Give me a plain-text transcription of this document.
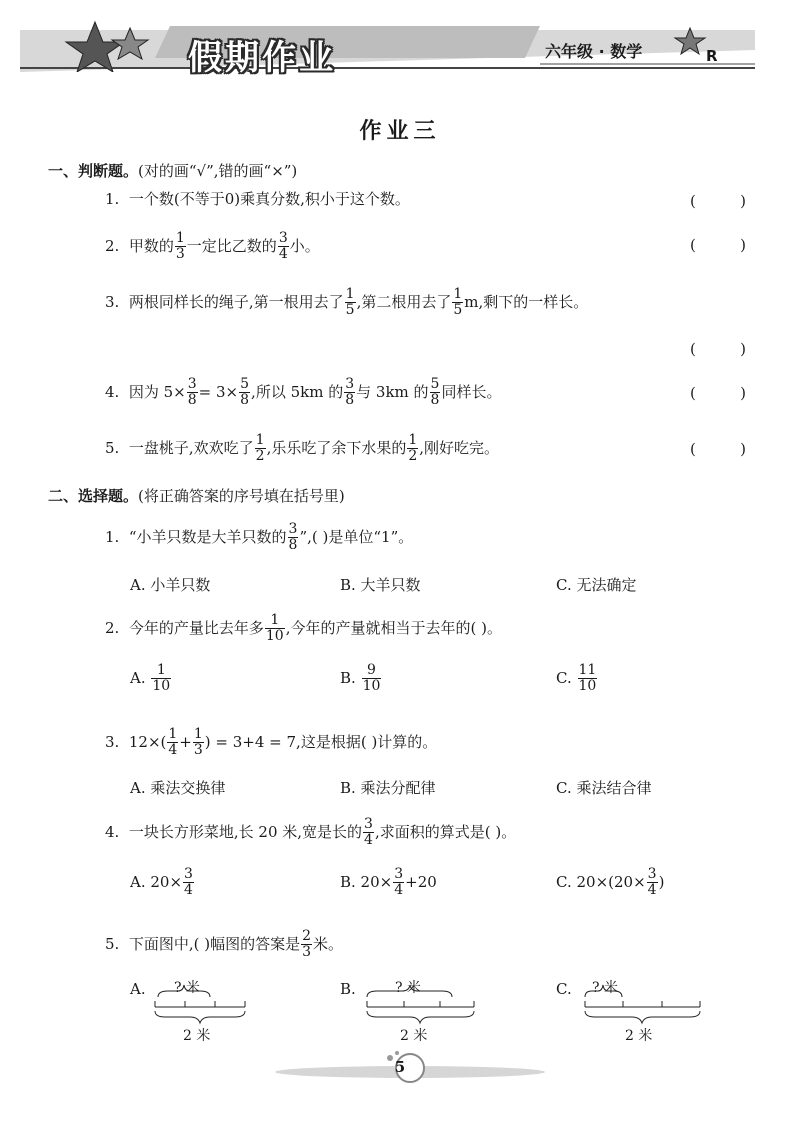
假期作业	六年级 · 数学	R
作业三
一、判断题。(对的画“√”,错的画“×”)
1. 一个数(不等于0)乘真分数,积小于这个数。	(	)
2. 甲数的 $\frac{1}{3}$ 一定比乙数的 $\frac{3}{4}$ 小。	(	)
3. 两根同样长的绳子,第一根用去了 $\frac{1}{5}$ ,第二根用去了 $\frac{1}{5} m$,剩下的一样长。
(	)
4. 因为 $5\times \frac{3}{8} = 3\times \frac{5}{8}$ ,所以 5km 的 $\frac{3}{8}$ 与 3km 的 $\frac{5}{8}$ 同样长。	(	)
5. 一盘桃子,欢欢吃了 $\frac{1}{2}$ ,乐乐吃了余下水果的 $\frac{1}{2}$ ,刚好吃完。	(	)
二、选择题。(将正确答案的序号填在括号里)
1. “小羊只数是大羊只数的 $\frac{3}{8}$ ”,( )是单位“1”。
A. 小羊只数	B. 大羊只数	C. 无法确定
2. 今年的产量比去年多 $\frac{1}{10}$ ,今年的产量就相当于去年的( )。
A. $\frac{1}{10}$	B. $\frac{9}{10}$	C. $\frac{11}{10}$
3. $12\times( \frac{1}{4} + \frac{1}{3}$ ) = 3+4 = 7,这是根据( )计算的。
A. 乘法交换律	B. 乘法分配律	C. 乘法结合律
4. 一块长方形菜地,长 20 米,宽是长的 $\frac{3}{4}$ ,求面积的算式是( )。
A. $20\times \frac{3}{4}$	B. $20\times \frac{3}{4} +20$	C. $20\times(20\times \frac{3}{4}$ )
5. 下面图中,( )幅图的答案是 $\frac{2}{3}$ 米。
A.	B.	C.
? 米
2 米
? 米
2 米
? 米
2 米
5
